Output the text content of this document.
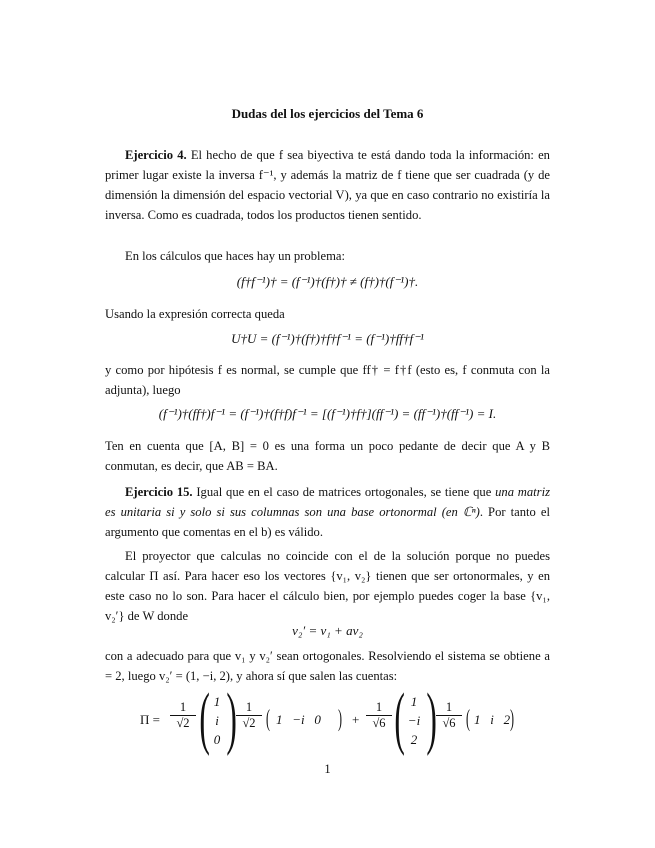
Dudas del los ejercicios del Tema 6
Ejercicio 4. El hecho de que f sea biyectiva te está dando toda la información: en primer lugar existe la inversa f⁻¹, y además la matriz de f tiene que ser cuadrada (y de dimensión la dimensión del espacio vectorial V), ya que en caso contrario no existiría la inversa. Como es cuadrada, todos los productos tienen sentido.
En los cálculos que haces hay un problema:
(f†f⁻¹)† = (f⁻¹)†(f†)† ≠ (f†)†(f⁻¹)†.
Usando la expresión correcta queda
U†U = (f⁻¹)†(f†)†f†f⁻¹ = (f⁻¹)†ff†f⁻¹
y como por hipótesis f es normal, se cumple que ff† = f†f (esto es, f conmuta con la adjunta), luego
(f⁻¹)†(ff†)f⁻¹ = (f⁻¹)†(f†f)f⁻¹ = [(f⁻¹)†f†](ff⁻¹) = (ff⁻¹)†(ff⁻¹) = I.
Ten en cuenta que [A, B] = 0 es una forma un poco pedante de decir que A y B conmutan, es decir, que AB = BA.
Ejercicio 15. Igual que en el caso de matrices ortogonales, se tiene que una matriz es unitaria si y solo si sus columnas son una base ortonormal (en ℂⁿ). Por tanto el argumento que comentas en el b) es válido.
El proyector que calculas no coincide con el de la solución porque no puedes calcular Π así. Para hacer eso los vectores {v₁, v₂} tienen que ser ortonormales, y en este caso no lo son. Para hacer el cálculo bien, por ejemplo puedes coger la base {v₁, v₂′} de W donde
v₂′ = v₁ + av₂
con a adecuado para que v₁ y v₂′ sean ortogonales. Resolviendo el sistema se obtiene a = 2, luego v₂′ = (1, −i, 2), y ahora sí que salen las cuentas:
$\Pi = \frac{1}{√2}$ ( 1
i
0 ) $\frac{1}{√2}$ ( 1   −i   0 ) + $\frac{1}{√6}$ ( 1
−i
2 ) $\frac{1}{√6}$ ( 1   i   2 )
1
